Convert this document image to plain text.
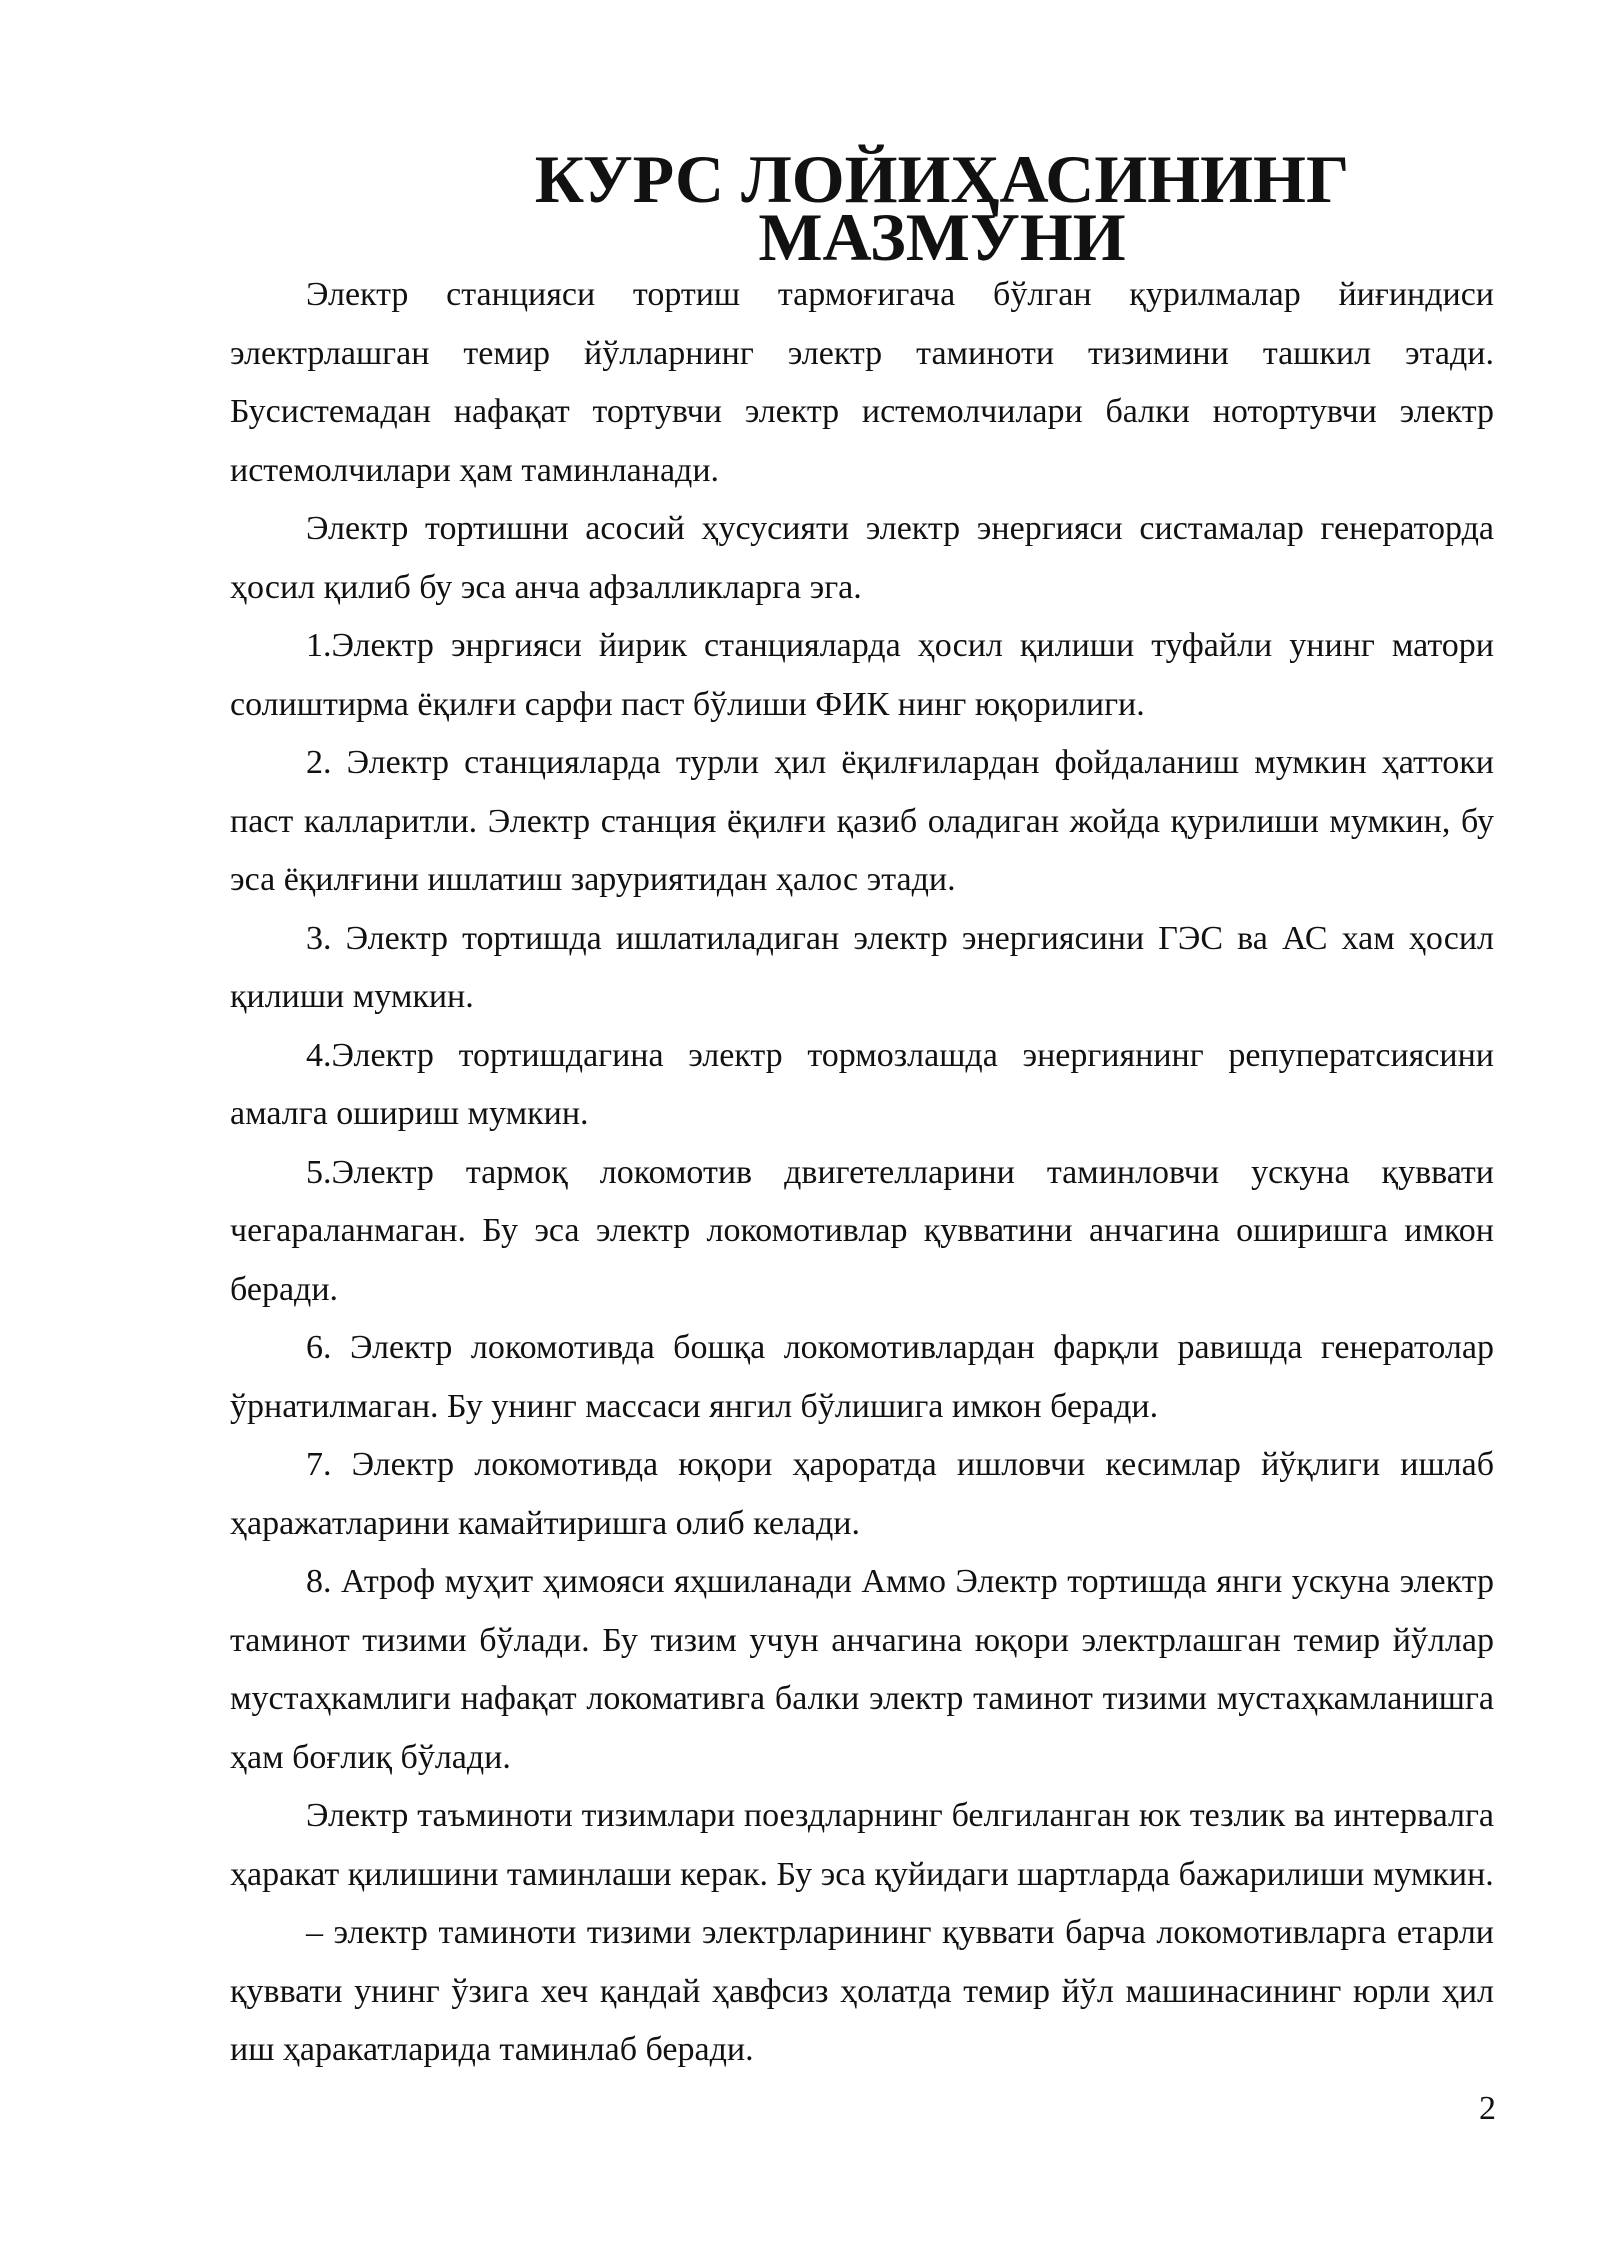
КУРС ЛОЙИҲАСИНИНГ МАЗМУНИ

Электр станцияси тортиш тармоғигача бўлган қурилмалар йиғиндиси электрлашган темир йўлларнинг электр таминоти тизимини ташкил этади. Бусистемадан нафақат тортувчи электр истемолчилари балки нотортувчи электр истемолчилари ҳам таминланади.

Электр тортишни асосий ҳусусияти электр энергияси систамалар генераторда ҳосил қилиб бу эса анча афзалликларга эга.

1.Электр энргияси йирик станцияларда ҳосил қилиши туфайли унинг матори солиштирма ёқилғи сарфи паст бўлиши ФИК нинг юқорилиги.

2. Электр станцияларда турли ҳил ёқилғилардан фойдаланиш мумкин ҳаттоки паст калларитли. Электр станция ёқилғи қазиб оладиган жойда қурилиши мумкин, бу эса ёқилғини ишлатиш заруриятидан ҳалос этади.

3. Электр тортишда ишлатиладиган электр энергиясини ГЭС ва АС хам ҳосил қилиши мумкин.

4.Электр тортишдагина электр тормозлашда энергиянинг репуператсиясини амалга ошириш мумкин.

5.Электр тармоқ локомотив двигетелларини таминловчи ускуна қуввати чегараланмаган. Бу эса электр локомотивлар қувватини анчагина оширишга имкон беради.

6. Электр локомотивда бошқа локомотивлардан фарқли равишда генератолар ўрнатилмаган. Бу унинг массаси янгил бўлишига имкон беради.

7. Электр локомотивда юқори ҳароратда ишловчи кесимлар йўқлиги ишлаб ҳаражатларини камайтиришга олиб келади.

8. Атроф муҳит ҳимояси яҳшиланади Аммо Электр тортишда янги ускуна электр таминот тизими бўлади. Бу тизим учун анчагина юқори электрлашган темир йўллар мустаҳкамлиги нафақат локомативга балки электр таминот тизими мустаҳкамланишга ҳам боғлиқ бўлади.

Электр таъминоти тизимлари поездларнинг белгиланган юк тезлик ва интервалга ҳаракат қилишини таминлаши керак. Бу эса қуйидаги шартларда бажарилиши мумкин.

– электр таминоти тизими электрларининг қуввати барча локомотивларга етарли қуввати унинг ўзига хеч қандай ҳавфсиз ҳолатда темир йўл машинасининг юрли ҳил иш ҳаракатларида таминлаб беради.

2
